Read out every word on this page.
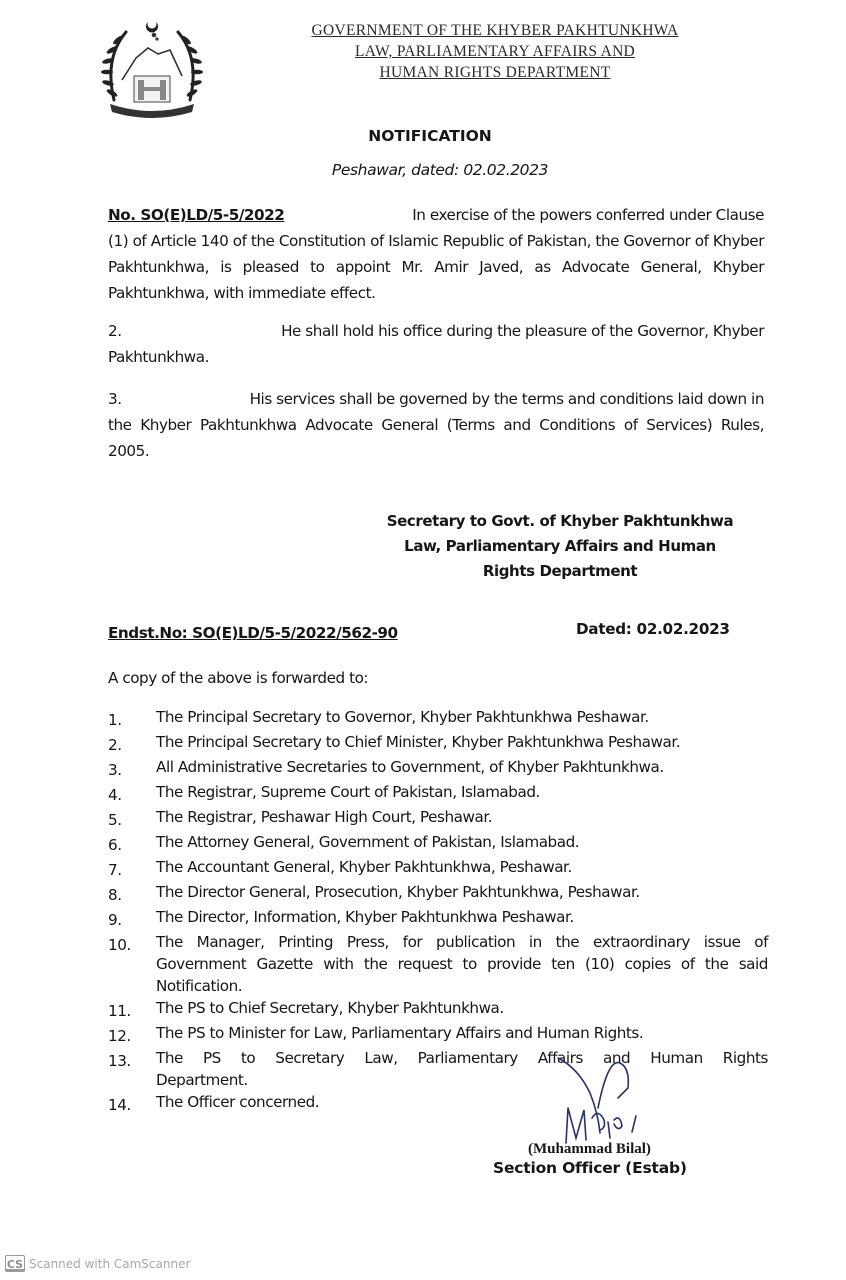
GOVERNMENT OF THE KHYBER PAKHTUNKHWA
LAW, PARLIAMENTARY AFFAIRS AND
HUMAN RIGHTS DEPARTMENT
NOTIFICATION
Peshawar, dated: 02.02.2023
No. SO(E)LD/5-5/2022	In exercise of the powers conferred under Clause
(1) of Article 140 of the Constitution of Islamic Republic of Pakistan, the Governor of Khyber Pakhtunkhwa, is pleased to appoint Mr. Amir Javed, as Advocate General, Khyber Pakhtunkhwa, with immediate effect.
2.	He shall hold his office during the pleasure of the Governor, Khyber
Pakhtunkhwa.
3.	His services shall be governed by the terms and conditions laid down in
the Khyber Pakhtunkhwa Advocate General (Terms and Conditions of Services) Rules, 2005.
Secretary to Govt. of Khyber Pakhtunkhwa
Law, Parliamentary Affairs and Human
Rights Department
Endst.No: SO(E)LD/5-5/2022/562-90	Dated: 02.02.2023
A copy of the above is forwarded to:
1.	The Principal Secretary to Governor, Khyber Pakhtunkhwa Peshawar.
2.	The Principal Secretary to Chief Minister, Khyber Pakhtunkhwa Peshawar.
3.	All Administrative Secretaries to Government, of Khyber Pakhtunkhwa.
4.	The Registrar, Supreme Court of Pakistan, Islamabad.
5.	The Registrar, Peshawar High Court, Peshawar.
6.	The Attorney General, Government of Pakistan, Islamabad.
7.	The Accountant General, Khyber Pakhtunkhwa, Peshawar.
8.	The Director General, Prosecution, Khyber Pakhtunkhwa, Peshawar.
9.	The Director, Information, Khyber Pakhtunkhwa Peshawar.
10.	The Manager, Printing Press, for publication in the extraordinary issue of Government Gazette with the request to provide ten (10) copies of the said Notification.
11.	The PS to Chief Secretary, Khyber Pakhtunkhwa.
12.	The PS to Minister for Law, Parliamentary Affairs and Human Rights.
13.	The PS to Secretary Law, Parliamentary Affairs and Human Rights Department.
14.	The Officer concerned.
(Muhammad Bilal)
Section Officer (Estab)
CS Scanned with CamScanner
